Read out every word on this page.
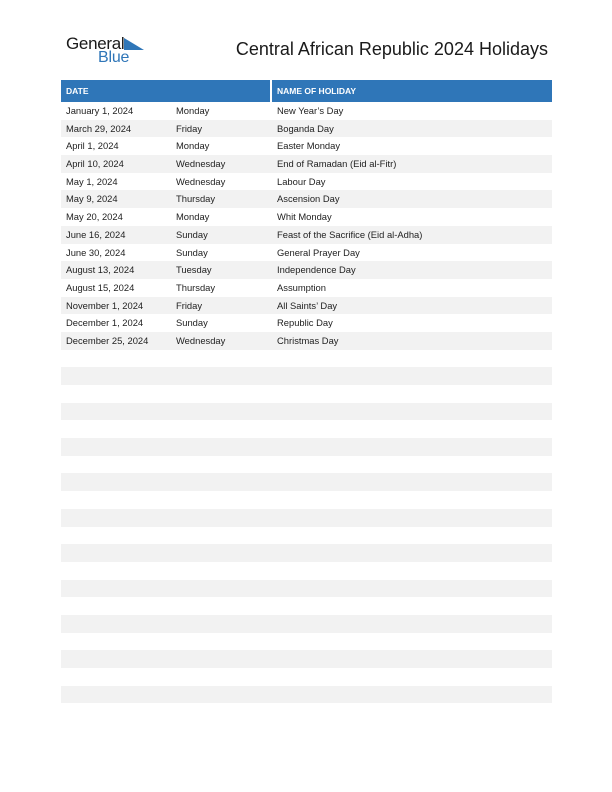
General
Blue	Central African Republic 2024 Holidays
DATE	NAME OF HOLIDAY
January 1, 2024	Monday	New Year’s Day
March 29, 2024	Friday	Boganda Day
April 1, 2024	Monday	Easter Monday
April 10, 2024	Wednesday	End of Ramadan (Eid al-Fitr)
May 1, 2024	Wednesday	Labour Day
May 9, 2024	Thursday	Ascension Day
May 20, 2024	Monday	Whit Monday
June 16, 2024	Sunday	Feast of the Sacrifice (Eid al-Adha)
June 30, 2024	Sunday	General Prayer Day
August 13, 2024	Tuesday	Independence Day
August 15, 2024	Thursday	Assumption
November 1, 2024	Friday	All Saints’ Day
December 1, 2024	Sunday	Republic Day
December 25, 2024	Wednesday	Christmas Day
